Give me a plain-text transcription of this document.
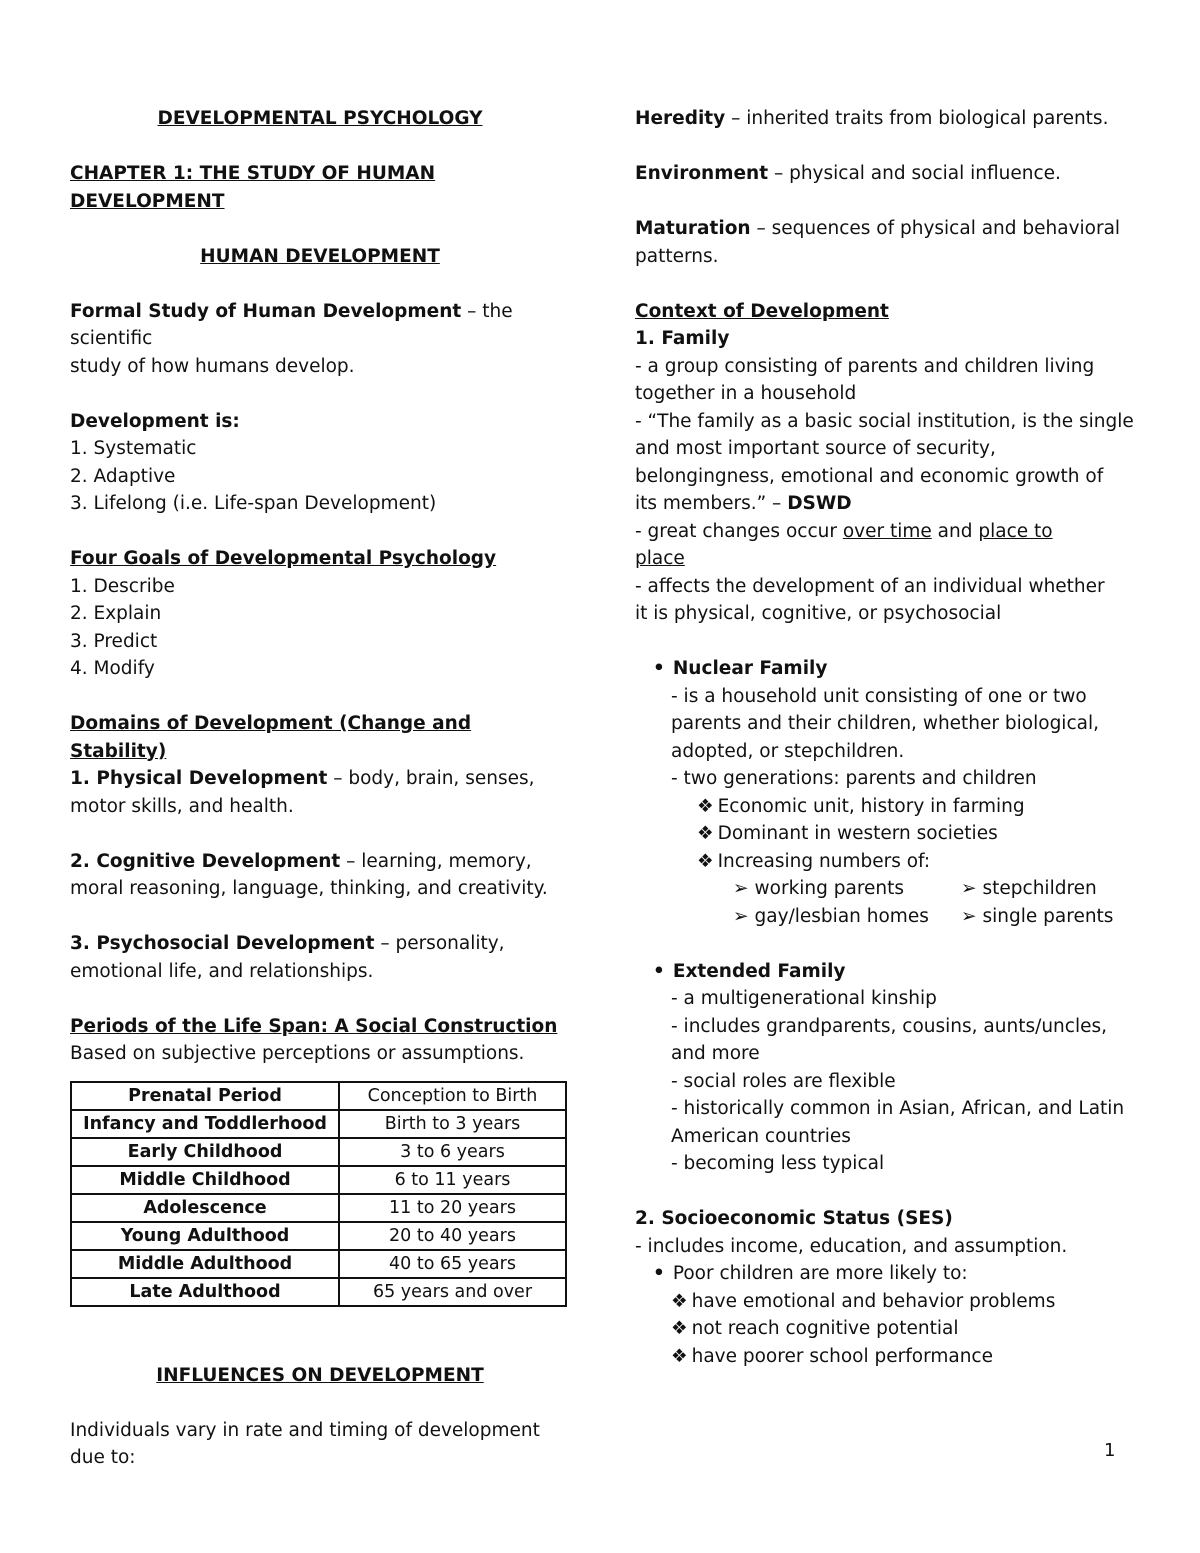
DEVELOPMENTAL PSYCHOLOGY

CHAPTER 1: THE STUDY OF HUMAN DEVELOPMENT

HUMAN DEVELOPMENT

Formal Study of Human Development – the scientific

study of how humans develop.

Development is:

1. Systematic

2. Adaptive

3. Lifelong (i.e. Life-span Development)

Four Goals of Developmental Psychology

1. Describe

2. Explain

3. Predict

4. Modify

Domains of Development (Change and Stability)

1. Physical Development – body, brain, senses,

motor skills, and health.

2. Cognitive Development – learning, memory,

moral reasoning, language, thinking, and creativity.

3. Psychosocial Development – personality,

emotional life, and relationships.

Periods of the Life Span: A Social Construction

Based on subjective perceptions or assumptions.

Prenatal Period	Conception to Birth
Infancy and Toddlerhood	Birth to 3 years
Early Childhood	3 to 6 years
Middle Childhood	6 to 11 years
Adolescence	11 to 20 years
Young Adulthood	20 to 40 years
Middle Adulthood	40 to 65 years
Late Adulthood	65 years and over

INFLUENCES ON DEVELOPMENT

Individuals vary in rate and timing of development

due to:

Heredity – inherited traits from biological parents.

Environment – physical and social influence.

Maturation – sequences of physical and behavioral

patterns.

Context of Development

1. Family

- a group consisting of parents and children living

together in a household

- “The family as a basic social institution, is the single

and most important source of security,

belongingness, emotional and economic growth of

its members.” – DSWD

- great changes occur over time and place to

place

- affects the development of an individual whether

it is physical, cognitive, or psychosocial

• Nuclear Family

- is a household unit consisting of one or two

parents and their children, whether biological,

adopted, or stepchildren.

- two generations: parents and children

❖ Economic unit, history in farming

❖ Dominant in western societies

❖ Increasing numbers of:

➢ working parents	➢ stepchildren
➢ gay/lesbian homes	➢ single parents

• Extended Family

- a multigenerational kinship

- includes grandparents, cousins, aunts/uncles,

and more

- social roles are flexible

- historically common in Asian, African, and Latin

American countries

- becoming less typical

2. Socioeconomic Status (SES)

- includes income, education, and assumption.

• Poor children are more likely to:

❖ have emotional and behavior problems

❖ not reach cognitive potential

❖ have poorer school performance

1
